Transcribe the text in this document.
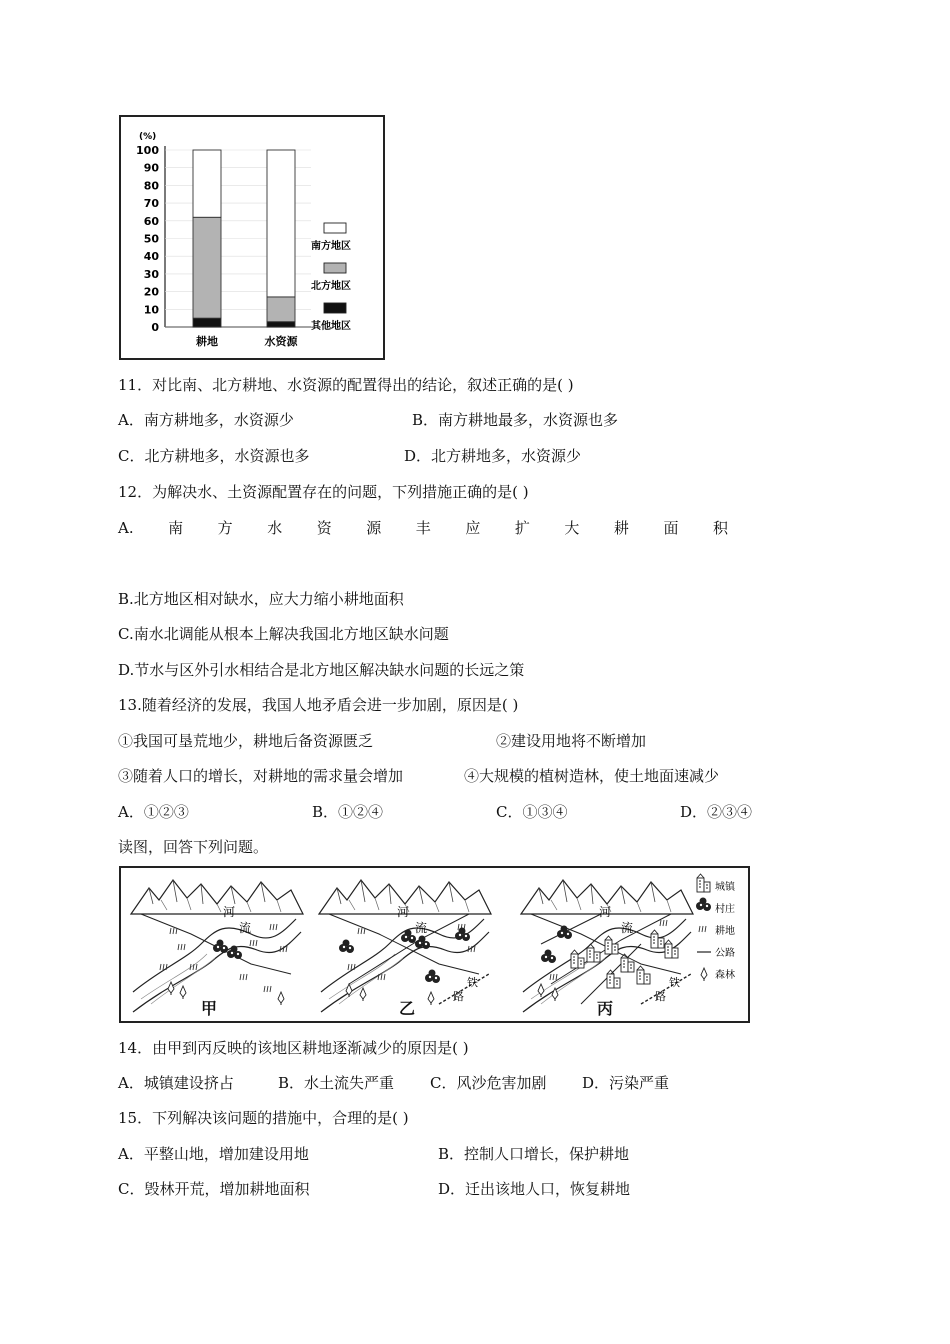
(%)
0
10
20
30
40
50
60
70
80
90
100
耕地	水资源
南方地区
北方地区
其他地区
11．对比南、北方耕地、水资源的配置得出的结论，叙述正确的是( )
A．南方耕地多，水资源少	B．南方耕地最多，水资源也多
C．北方耕地多，水资源也多	D．北方耕地多，水资源少
12．为解决水、土资源配置存在的问题，下列措施正确的是( )
A. 南 方 水 资 源 丰 应 扩 大 耕 面 积
B.北方地区相对缺水，应大力缩小耕地面积
C.南水北调能从根本上解决我国北方地区缺水问题
D.节水与区外引水相结合是北方地区解决缺水问题的长远之策
13.随着经济的发展，我国人地矛盾会进一步加剧，原因是( )
①我国可垦荒地少，耕地后备资源匮乏	②建设用地将不断增加
③随着人口的增长，对耕地的需求量会增加	④大规模的植树造林，使土地面速减少
A．①②③	B．①②④	C．①③④	D．②③④
读图，回答下列问题。
河
流
河
流
铁
路
河
流
铁
路
城镇
村庄
耕地
公路
森林
甲	乙	丙
14．由甲到丙反映的该地区耕地逐渐减少的原因是( )
A．城镇建设挤占	B．水土流失严重 C．风沙危害加剧 D．污染严重
15．下列解决该问题的措施中，合理的是( )
A．平整山地，增加建设用地	B．控制人口增长，保护耕地
C．毁林开荒，增加耕地面积	D．迁出该地人口，恢复耕地
